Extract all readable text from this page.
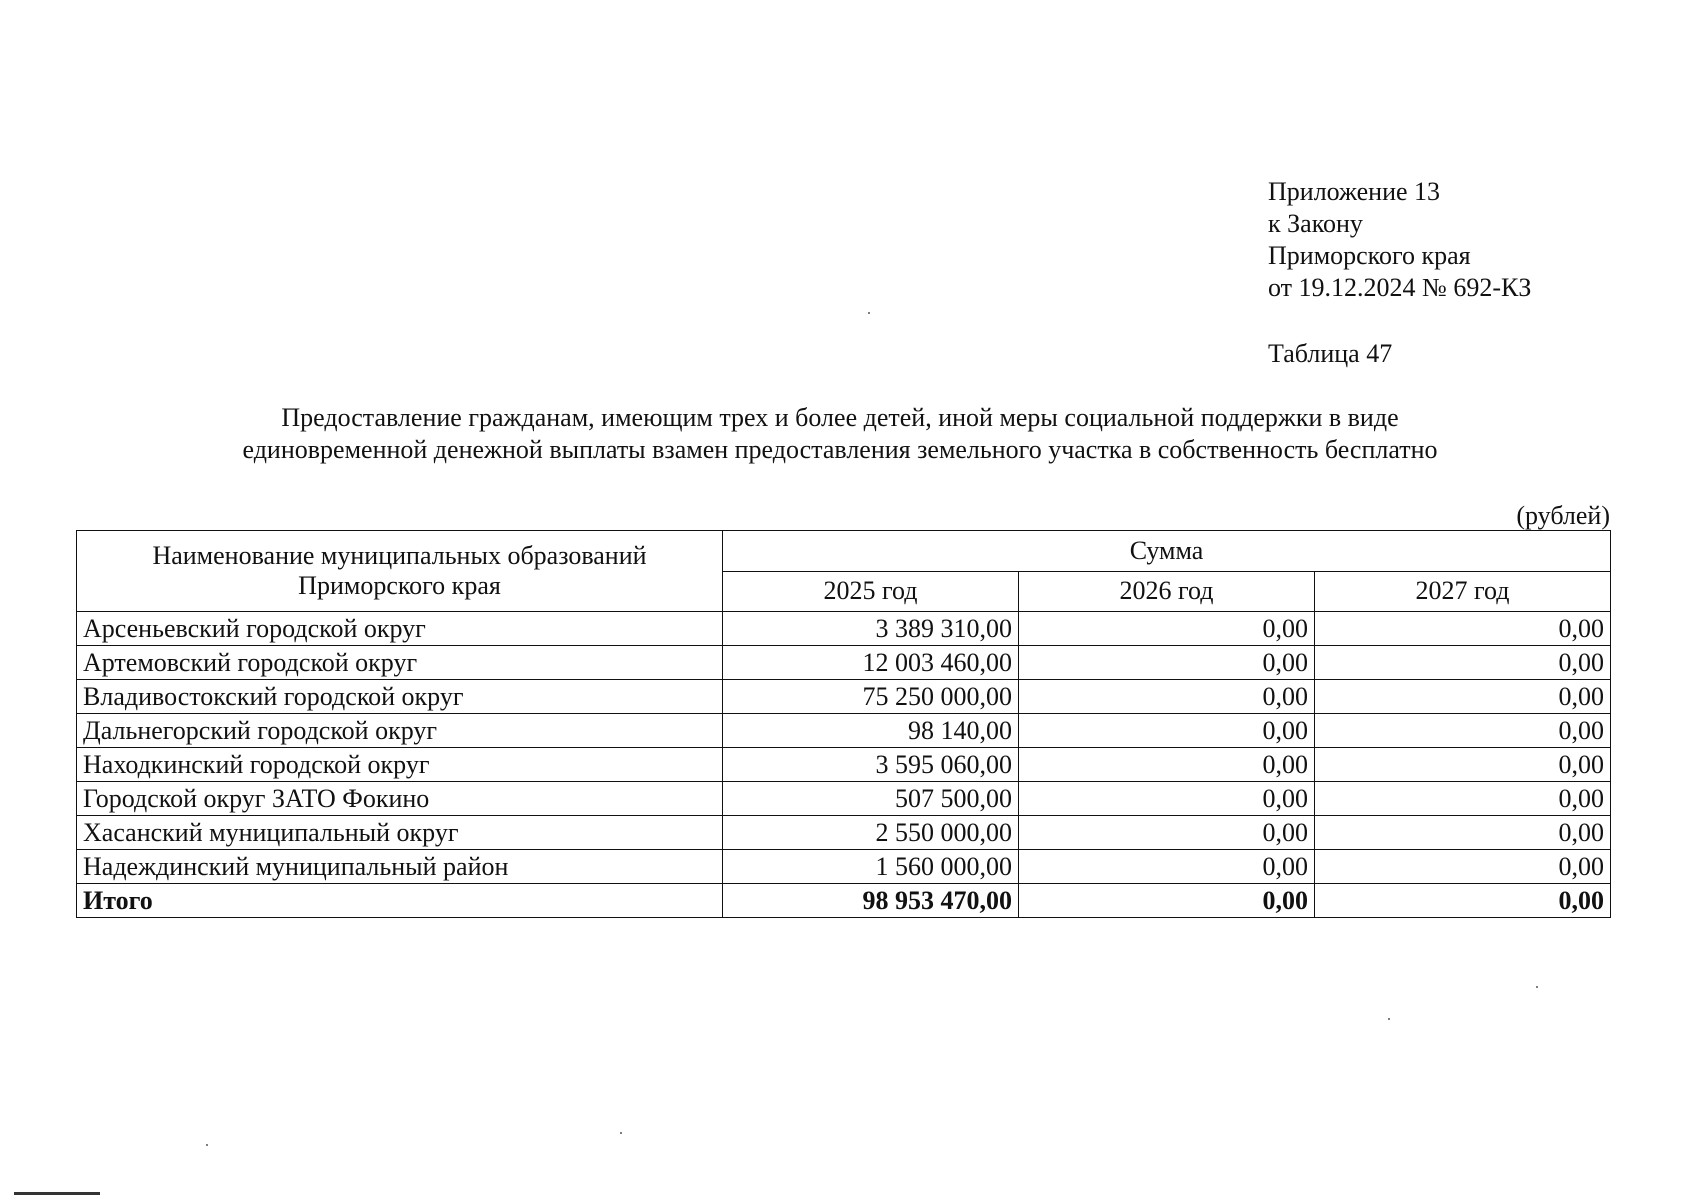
Приложение 13
к Закону
Приморского края
от 19.12.2024 № 692-КЗ
Таблица 47
Предоставление гражданам, имеющим трех и более детей, иной меры социальной поддержки в виде
единовременной денежной выплаты взамен предоставления земельного участка в собственность бесплатно
(рублей)
Наименование муниципальных образований
Приморского края	Сумма		
	2025 год	2026 год	2027 год
Арсеньевский городской округ	3 389 310,00	0,00	0,00
Артемовский городской округ	12 003 460,00	0,00	0,00
Владивостокский городской округ	75 250 000,00	0,00	0,00
Дальнегорский городской округ	98 140,00	0,00	0,00
Находкинский городской округ	3 595 060,00	0,00	0,00
Городской округ ЗАТО Фокино	507 500,00	0,00	0,00
Хасанский муниципальный округ	2 550 000,00	0,00	0,00
Надеждинский муниципальный район	1 560 000,00	0,00	0,00
Итого	98 953 470,00	0,00	0,00
